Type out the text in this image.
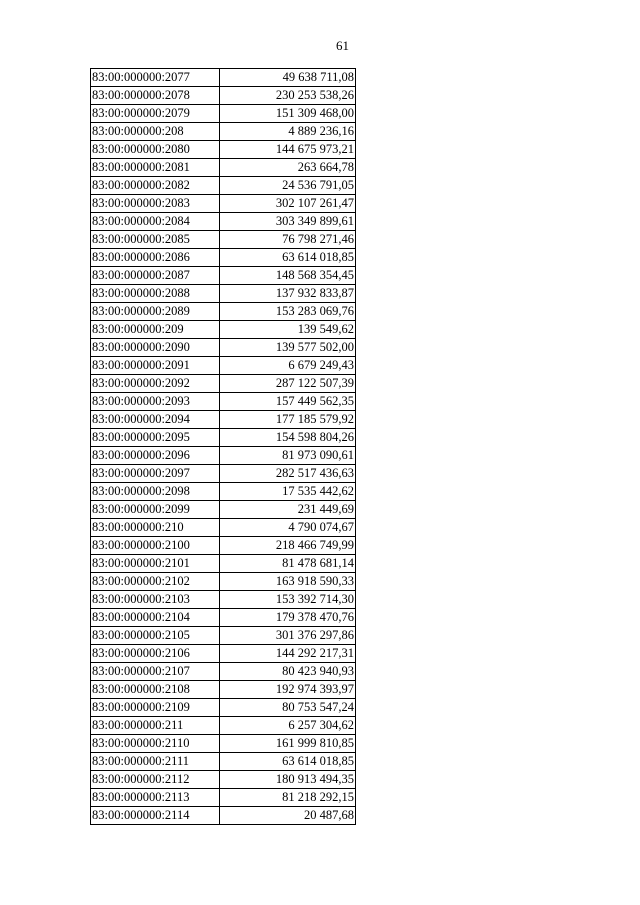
61
83:00:000000:2077	49 638 711,08
83:00:000000:2078	230 253 538,26
83:00:000000:2079	151 309 468,00
83:00:000000:208	4 889 236,16
83:00:000000:2080	144 675 973,21
83:00:000000:2081	263 664,78
83:00:000000:2082	24 536 791,05
83:00:000000:2083	302 107 261,47
83:00:000000:2084	303 349 899,61
83:00:000000:2085	76 798 271,46
83:00:000000:2086	63 614 018,85
83:00:000000:2087	148 568 354,45
83:00:000000:2088	137 932 833,87
83:00:000000:2089	153 283 069,76
83:00:000000:209	139 549,62
83:00:000000:2090	139 577 502,00
83:00:000000:2091	6 679 249,43
83:00:000000:2092	287 122 507,39
83:00:000000:2093	157 449 562,35
83:00:000000:2094	177 185 579,92
83:00:000000:2095	154 598 804,26
83:00:000000:2096	81 973 090,61
83:00:000000:2097	282 517 436,63
83:00:000000:2098	17 535 442,62
83:00:000000:2099	231 449,69
83:00:000000:210	4 790 074,67
83:00:000000:2100	218 466 749,99
83:00:000000:2101	81 478 681,14
83:00:000000:2102	163 918 590,33
83:00:000000:2103	153 392 714,30
83:00:000000:2104	179 378 470,76
83:00:000000:2105	301 376 297,86
83:00:000000:2106	144 292 217,31
83:00:000000:2107	80 423 940,93
83:00:000000:2108	192 974 393,97
83:00:000000:2109	80 753 547,24
83:00:000000:211	6 257 304,62
83:00:000000:2110	161 999 810,85
83:00:000000:2111	63 614 018,85
83:00:000000:2112	180 913 494,35
83:00:000000:2113	81 218 292,15
83:00:000000:2114	20 487,68
